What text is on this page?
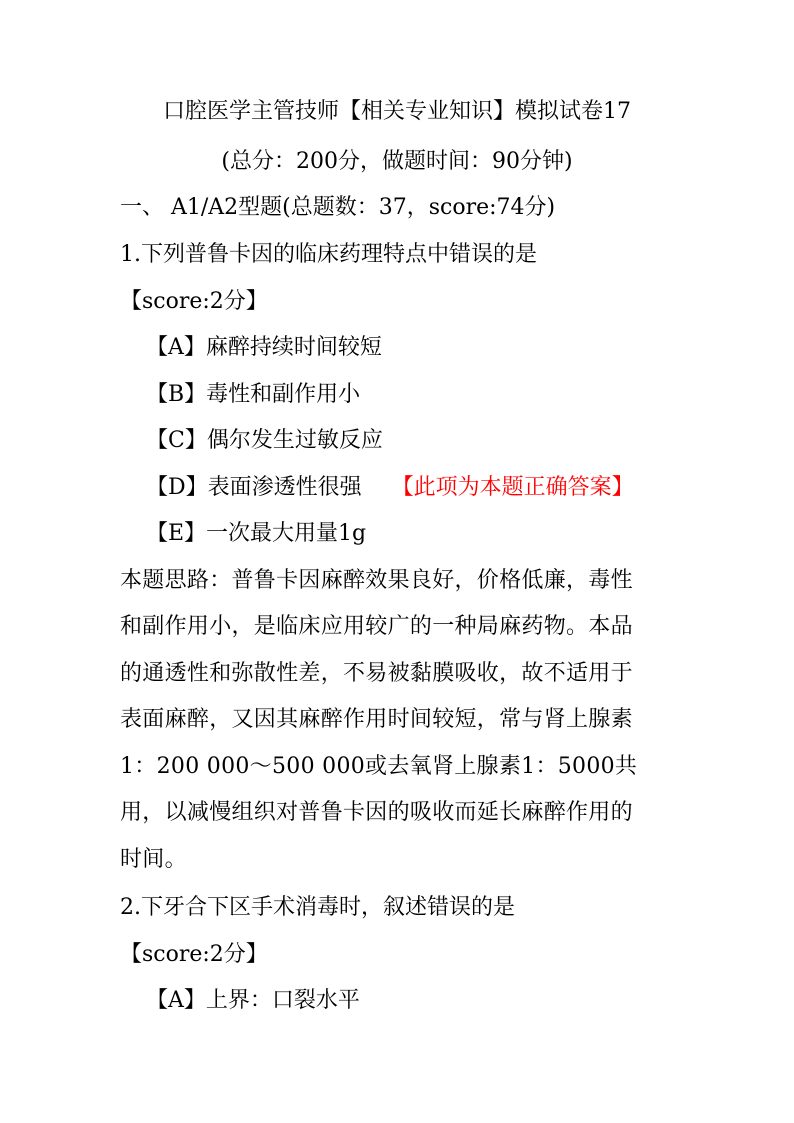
口腔医学主管技师【相关专业知识】模拟试卷17
(总分：200分，做题时间：90分钟)
一、 A1/A2型题(总题数：37，score:74分)
1.下列普鲁卡因的临床药理特点中错误的是
【score:2分】
【A】麻醉持续时间较短
【B】毒性和副作用小
【C】偶尔发生过敏反应
【D】表面渗透性很强 【此项为本题正确答案】
【E】一次最大用量1g
本题思路：普鲁卡因麻醉效果良好，价格低廉，毒性
和副作用小，是临床应用较广的一种局麻药物。本品
的通透性和弥散性差，不易被黏膜吸收，故不适用于
表面麻醉，又因其麻醉作用时间较短，常与肾上腺素
1：200 000～500 000或去氧肾上腺素1：5000共
用，以减慢组织对普鲁卡因的吸收而延长麻醉作用的
时间。
2.下牙合下区手术消毒时，叙述错误的是
【score:2分】
【A】上界：口裂水平
